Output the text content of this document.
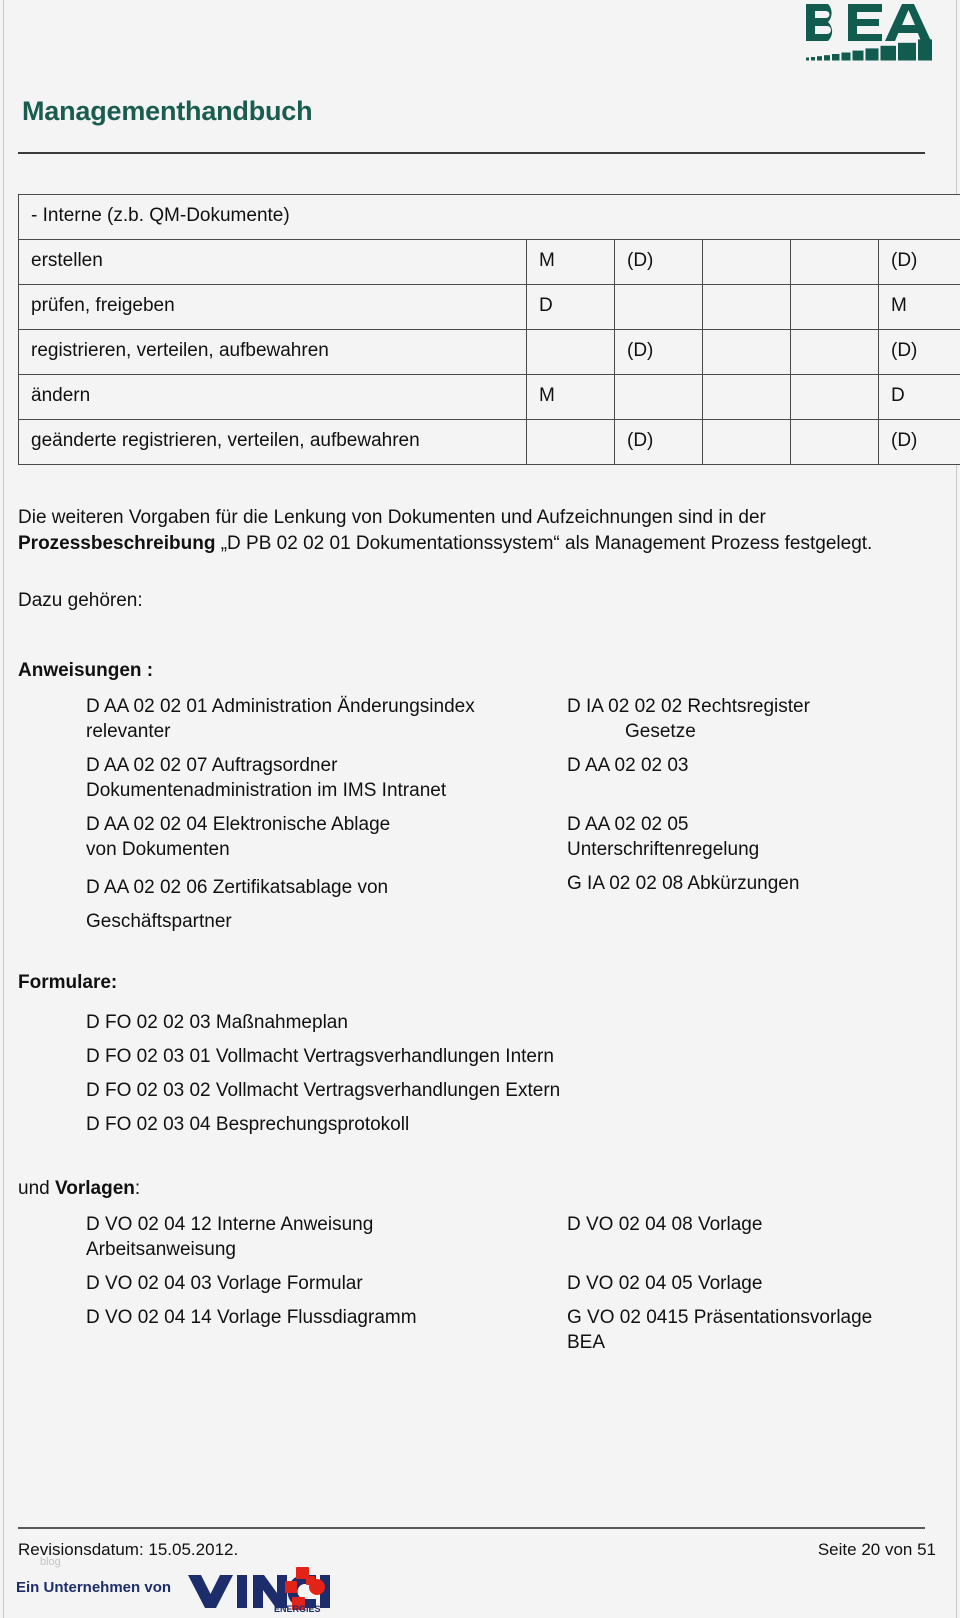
Managementhandbuch
- Interne (z.b. QM-Dokumente)					
erstellen	M	(D)			(D)
prüfen, freigeben	D				M
registrieren, verteilen, aufbewahren		(D)			(D)
ändern	M				D
geänderte registrieren, verteilen, aufbewahren		(D)			(D)
Die weiteren Vorgaben für die Lenkung von Dokumenten und Aufzeichnungen sind in der Prozessbeschreibung „D PB 02 02 01 Dokumentationssystem“ als Management Prozess festgelegt.
Dazu gehören:
Anweisungen :
D AA 02 02 01 Administration Änderungsindex
relevanter
D IA 02 02 02 Rechtsregister
Gesetze
D AA 02 02 07 Auftragsordner
Dokumentenadministration im IMS Intranet
D AA 02 02 03
D AA 02 02 04 Elektronische Ablage
von Dokumenten
D AA 02 02 05
Unterschriftenregelung
D AA 02 02 06 Zertifikatsablage von
Geschäftspartner
G IA 02 02 08 Abkürzungen
Formulare:
D FO 02 02 03 Maßnahmeplan
D FO 02 03 01 Vollmacht Vertragsverhandlungen Intern
D FO 02 03 02 Vollmacht Vertragsverhandlungen Extern
D FO 02 03 04 Besprechungsprotokoll
und Vorlagen:
D VO 02 04 12 Interne Anweisung
Arbeitsanweisung
D VO 02 04 08 Vorlage
D VO 02 04 03 Vorlage Formular	D VO 02 04 05 Vorlage
D VO 02 04 14 Vorlage Flussdiagramm	G VO 02 0415 Präsentationsvorlage
BEA
Revisionsdatum: 15.05.2012.	Seite 20 von 51
blog
Ein Unternehmen von
ENERGIES
